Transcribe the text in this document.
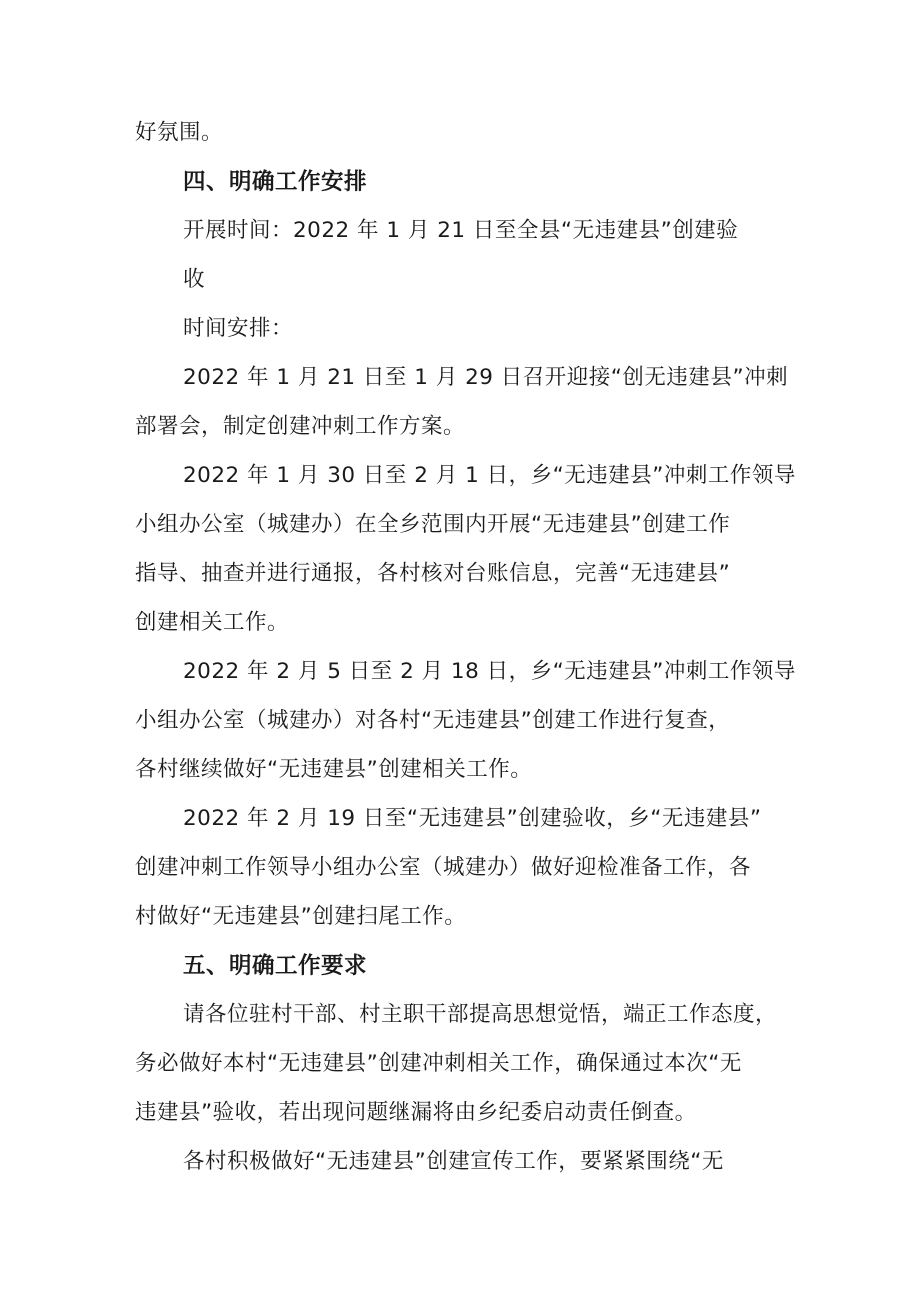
好氛围。
四、明确工作安排
开展时间：2022 年 1 月 21 日至全县“无违建县”创建验
收
时间安排：
2022 年 1 月 21 日至 1 月 29 日召开迎接“创无违建县”冲刺
部署会，制定创建冲刺工作方案。
2022 年 1 月 30 日至 2 月 1 日，乡“无违建县”冲刺工作领导
小组办公室（城建办）在全乡范围内开展“无违建县”创建工作
指导、抽查并进行通报，各村核对台账信息，完善“无违建县”
创建相关工作。
2022 年 2 月 5 日至 2 月 18 日，乡“无违建县”冲刺工作领导
小组办公室（城建办）对各村“无违建县”创建工作进行复查，
各村继续做好“无违建县”创建相关工作。
2022 年 2 月 19 日至“无违建县”创建验收，乡“无违建县”
创建冲刺工作领导小组办公室（城建办）做好迎检准备工作，各
村做好“无违建县”创建扫尾工作。
五、明确工作要求
请各位驻村干部、村主职干部提高思想觉悟，端正工作态度，
务必做好本村“无违建县”创建冲刺相关工作，确保通过本次“无
违建县”验收，若出现问题继漏将由乡纪委启动责任倒查。
各村积极做好“无违建县”创建宣传工作，要紧紧围绕“无
